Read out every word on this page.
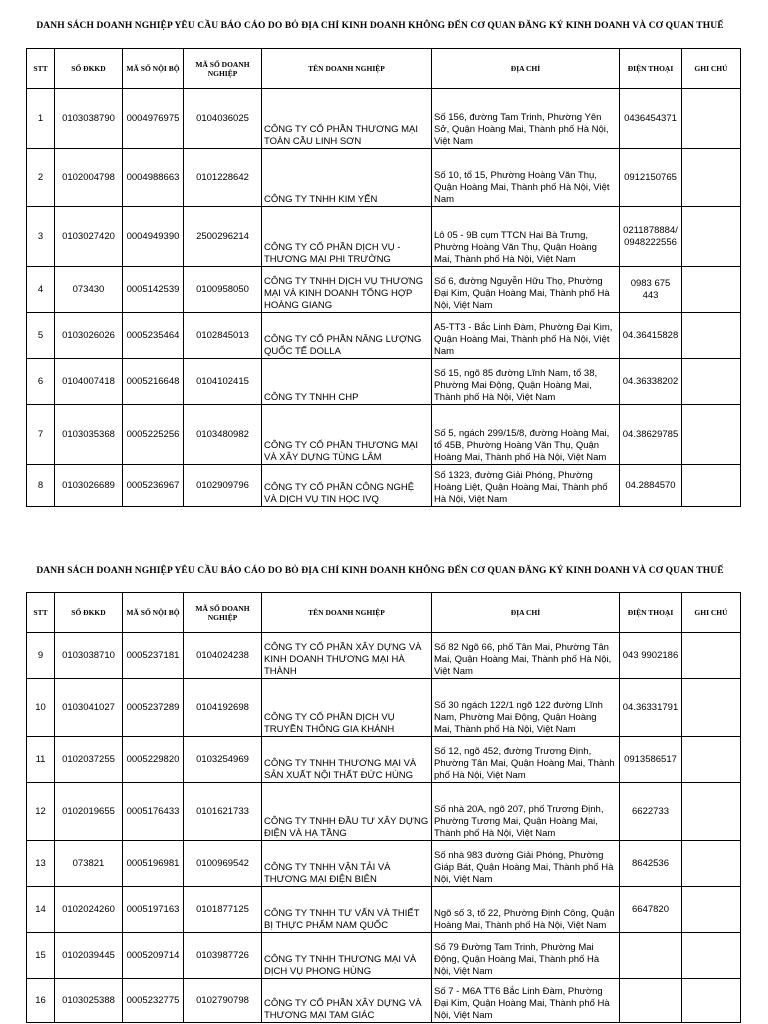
DANH SÁCH DOANH NGHIỆP YÊU CẦU BÁO CÁO DO BỎ ĐỊA CHỈ KINH DOANH KHÔNG ĐẾN CƠ QUAN ĐĂNG KÝ KINH DOANH VÀ CƠ QUAN THUẾ
STT	SỐ ĐKKD	MÃ SỐ NỘI BỘ	MÃ SỐ DOANH NGHIỆP	TÊN DOANH NGHIỆP	ĐỊA CHỈ	ĐIỆN THOẠI	GHI CHÚ
1	0103038790	0004976975	0104036025	CÔNG TY CỔ PHẦN THƯƠNG MẠI TOÀN CẦU LINH SƠN	Số 156, đường Tam Trinh, Phường Yên Sở, Quận Hoàng Mai, Thành phố Hà Nội, Việt Nam	0436454371	
2	0102004798	0004988663	0101228642	CÔNG TY TNHH KIM YẾN	Số 10, tổ 15, Phường Hoàng Văn Thụ, Quận Hoàng Mai, Thành phố Hà Nội, Việt Nam	0912150765	
3	0103027420	0004949390	2500296214	CÔNG TY CỔ PHẦN DỊCH VỤ - THƯƠNG MẠI PHI TRƯỜNG	Lô 05 - 9B cụm TTCN Hai Bà Trưng, Phường Hoàng Văn Thụ, Quận Hoàng Mai, Thành phố Hà Nội, Việt Nam	0211878884/ 0948222556	
4	073430	0005142539	0100958050	CÔNG TY TNHH DỊCH VỤ THƯƠNG MẠI VÀ KINH DOANH TỔNG HỢP HOÀNG GIANG	Số 6, đường Nguyễn Hữu Thọ, Phường Đại Kim, Quận Hoàng Mai, Thành phố Hà Nội, Việt Nam	0983 675 443	
5	0103026026	0005235464	0102845013	CÔNG TY CỔ PHẦN NĂNG LƯỢNG QUỐC TẾ DOLLA	A5-TT3 - Bắc Linh Đàm, Phường Đại Kim, Quận Hoàng Mai, Thành phố Hà Nội, Việt Nam	04.36415828	
6	0104007418	0005216648	0104102415	CÔNG TY TNHH CHP	Số 15, ngõ 85 đường Lĩnh Nam, tổ 38, Phường Mai Động, Quận Hoàng Mai, Thành phố Hà Nội, Việt Nam	04.36338202	
7	0103035368	0005225256	0103480982	CÔNG TY CỔ PHẦN THƯƠNG MẠI VÀ XÂY DỰNG TÙNG LÂM	Số 5, ngách 299/15/8, đường Hoàng Mai, tổ 45B, Phường Hoàng Văn Thụ, Quận Hoàng Mai, Thành phố Hà Nội, Việt Nam	04.38629785	
8	0103026689	0005236967	0102909796	CÔNG TY CỔ PHẦN CÔNG NGHỆ VÀ DỊCH VỤ TIN HỌC IVQ	Số 1323, đường Giải Phóng, Phường Hoàng Liệt, Quận Hoàng Mai, Thành phố Hà Nội, Việt Nam	04.2884570	
DANH SÁCH DOANH NGHIỆP YÊU CẦU BÁO CÁO DO BỎ ĐỊA CHỈ KINH DOANH KHÔNG ĐẾN CƠ QUAN ĐĂNG KÝ KINH DOANH VÀ CƠ QUAN THUẾ
STT	SỐ ĐKKD	MÃ SỐ NỘI BỘ	MÃ SỐ DOANH NGHIỆP	TÊN DOANH NGHIỆP	ĐỊA CHỈ	ĐIỆN THOẠI	GHI CHÚ
9	0103038710	0005237181	0104024238	CÔNG TY CỔ PHẦN XÂY DỰNG VÀ KINH DOANH THƯƠNG MẠI HÀ THÀNH	Số 82 Ngõ 66, phố Tân Mai, Phường Tân Mai, Quận Hoàng Mai, Thành phố Hà Nội, Việt Nam	043 9902186	
10	0103041027	0005237289	0104192698	CÔNG TY CỔ PHẦN DỊCH VỤ TRUYỀN THÔNG GIA KHÁNH	Số 30 ngách 122/1 ngõ 122 đường Lĩnh Nam, Phường Mai Động, Quận Hoàng Mai, Thành phố Hà Nội, Việt Nam	04.36331791	
11	0102037255	0005229820	0103254969	CÔNG TY TNHH THƯƠNG MẠI VÀ SẢN XUẤT NỘI THẤT ĐỨC HÙNG	Số 12, ngõ 452, đường Trương Định, Phường Tân Mai, Quận Hoàng Mai, Thành phố Hà Nội, Việt Nam	0913586517	
12	0102019655	0005176433	0101621733	CÔNG TY TNHH ĐẦU TƯ XÂY DỰNG ĐIỆN VÀ HẠ TẦNG	Số nhà 20A, ngõ 207, phố Trương Định, Phường Tương Mai, Quận Hoàng Mai, Thành phố Hà Nội, Việt Nam	6622733	
13	073821	0005196981	0100969542	CÔNG TY TNHH VẬN TẢI VÀ THƯƠNG MẠI ĐIỆN BIÊN	Số nhà 983 đường Giải Phóng, Phường Giáp Bát, Quận Hoàng Mai, Thành phố Hà Nội, Việt Nam	8642536	
14	0102024260	0005197163	0101877125	CÔNG TY TNHH TƯ VẤN VÀ THIẾT BỊ THỰC PHẨM NAM QUỐC	Ngõ số 3, tổ 22, Phường Định Công, Quận Hoàng Mai, Thành phố Hà Nội, Việt Nam	6647820	
15	0102039445	0005209714	0103987726	CÔNG TY TNHH THƯƠNG MẠI VÀ DỊCH VỤ PHONG HÙNG	Số 79 Đường Tam Trinh, Phường Mai Động, Quận Hoàng Mai, Thành phố Hà Nội, Việt Nam		
16	0103025388	0005232775	0102790798	CÔNG TY CỔ PHẦN XÂY DỰNG VÀ THƯƠNG MẠI TAM GIÁC	Số 7 - M6A TT6 Bắc Linh Đàm, Phường Đại Kim, Quận Hoàng Mai, Thành phố Hà Nội, Việt Nam		
